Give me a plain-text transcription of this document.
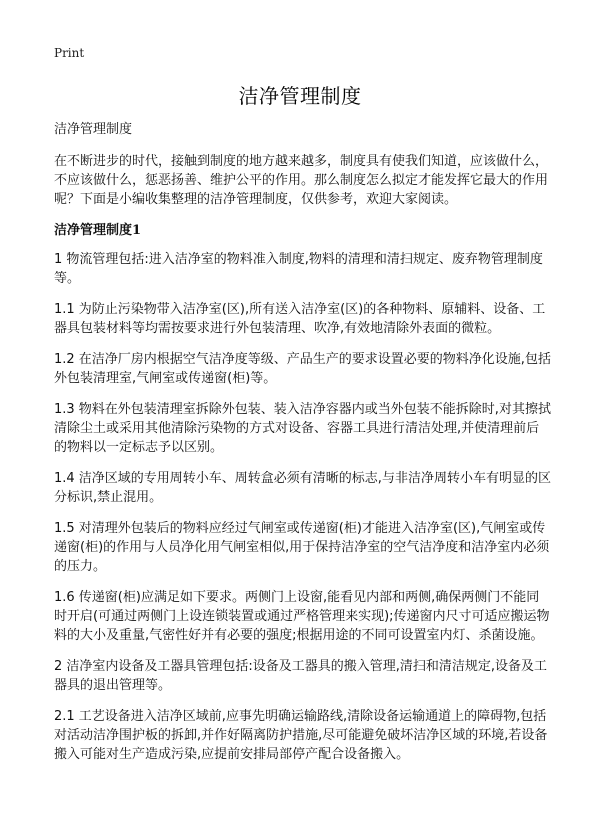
Print
洁净管理制度

洁净管理制度

在不断进步的时代，接触到制度的地方越来越多，制度具有使我们知道，应该做什么，不应该做什么，惩恶扬善、维护公平的作用。那么制度怎么拟定才能发挥它最大的作用呢？下面是小编收集整理的洁净管理制度，仅供参考，欢迎大家阅读。

洁净管理制度1

1 物流管理包括:进入洁净室的物料准入制度,物料的清理和清扫规定、废弃物管理制度等。

1.1 为防止污染物带入洁净室(区),所有送入洁净室(区)的各种物料、原辅料、设备、工器具包装材料等均需按要求进行外包装清理、吹净,有效地清除外表面的微粒。

1.2 在洁净厂房内根据空气洁净度等级、产品生产的要求设置必要的物料净化设施,包括外包装清理室,气闸室或传递窗(柜)等。

1.3 物料在外包装清理室拆除外包装、装入洁净容器内或当外包装不能拆除时,对其擦拭清除尘土或采用其他清除污染物的方式对设备、容器工具进行清洁处理,并使清理前后的物料以一定标志予以区别。

1.4 洁净区域的专用周转小车、周转盒必须有清晰的标志,与非洁净周转小车有明显的区分标识,禁止混用。

1.5 对清理外包装后的物料应经过气闸室或传递窗(柜)才能进入洁净室(区),气闸室或传递窗(柜)的作用与人员净化用气闸室相似,用于保持洁净室的空气洁净度和洁净室内必须的压力。

1.6 传递窗(柜)应满足如下要求。两侧门上设窗,能看见内部和两侧,确保两侧门不能同时开启(可通过两侧门上设连锁装置或通过严格管理来实现);传递窗内尺寸可适应搬运物料的大小及重量,气密性好并有必要的强度;根据用途的不同可设置室内灯、杀菌设施。

2 洁净室内设备及工器具管理包括:设备及工器具的搬入管理,清扫和清洁规定,设备及工器具的退出管理等。

2.1 工艺设备进入洁净区域前,应事先明确运输路线,清除设备运输通道上的障碍物,包括对活动洁净围护板的拆卸,并作好隔离防护措施,尽可能避免破坏洁净区域的环境,若设备搬入可能对生产造成污染,应提前安排局部停产配合设备搬入。
